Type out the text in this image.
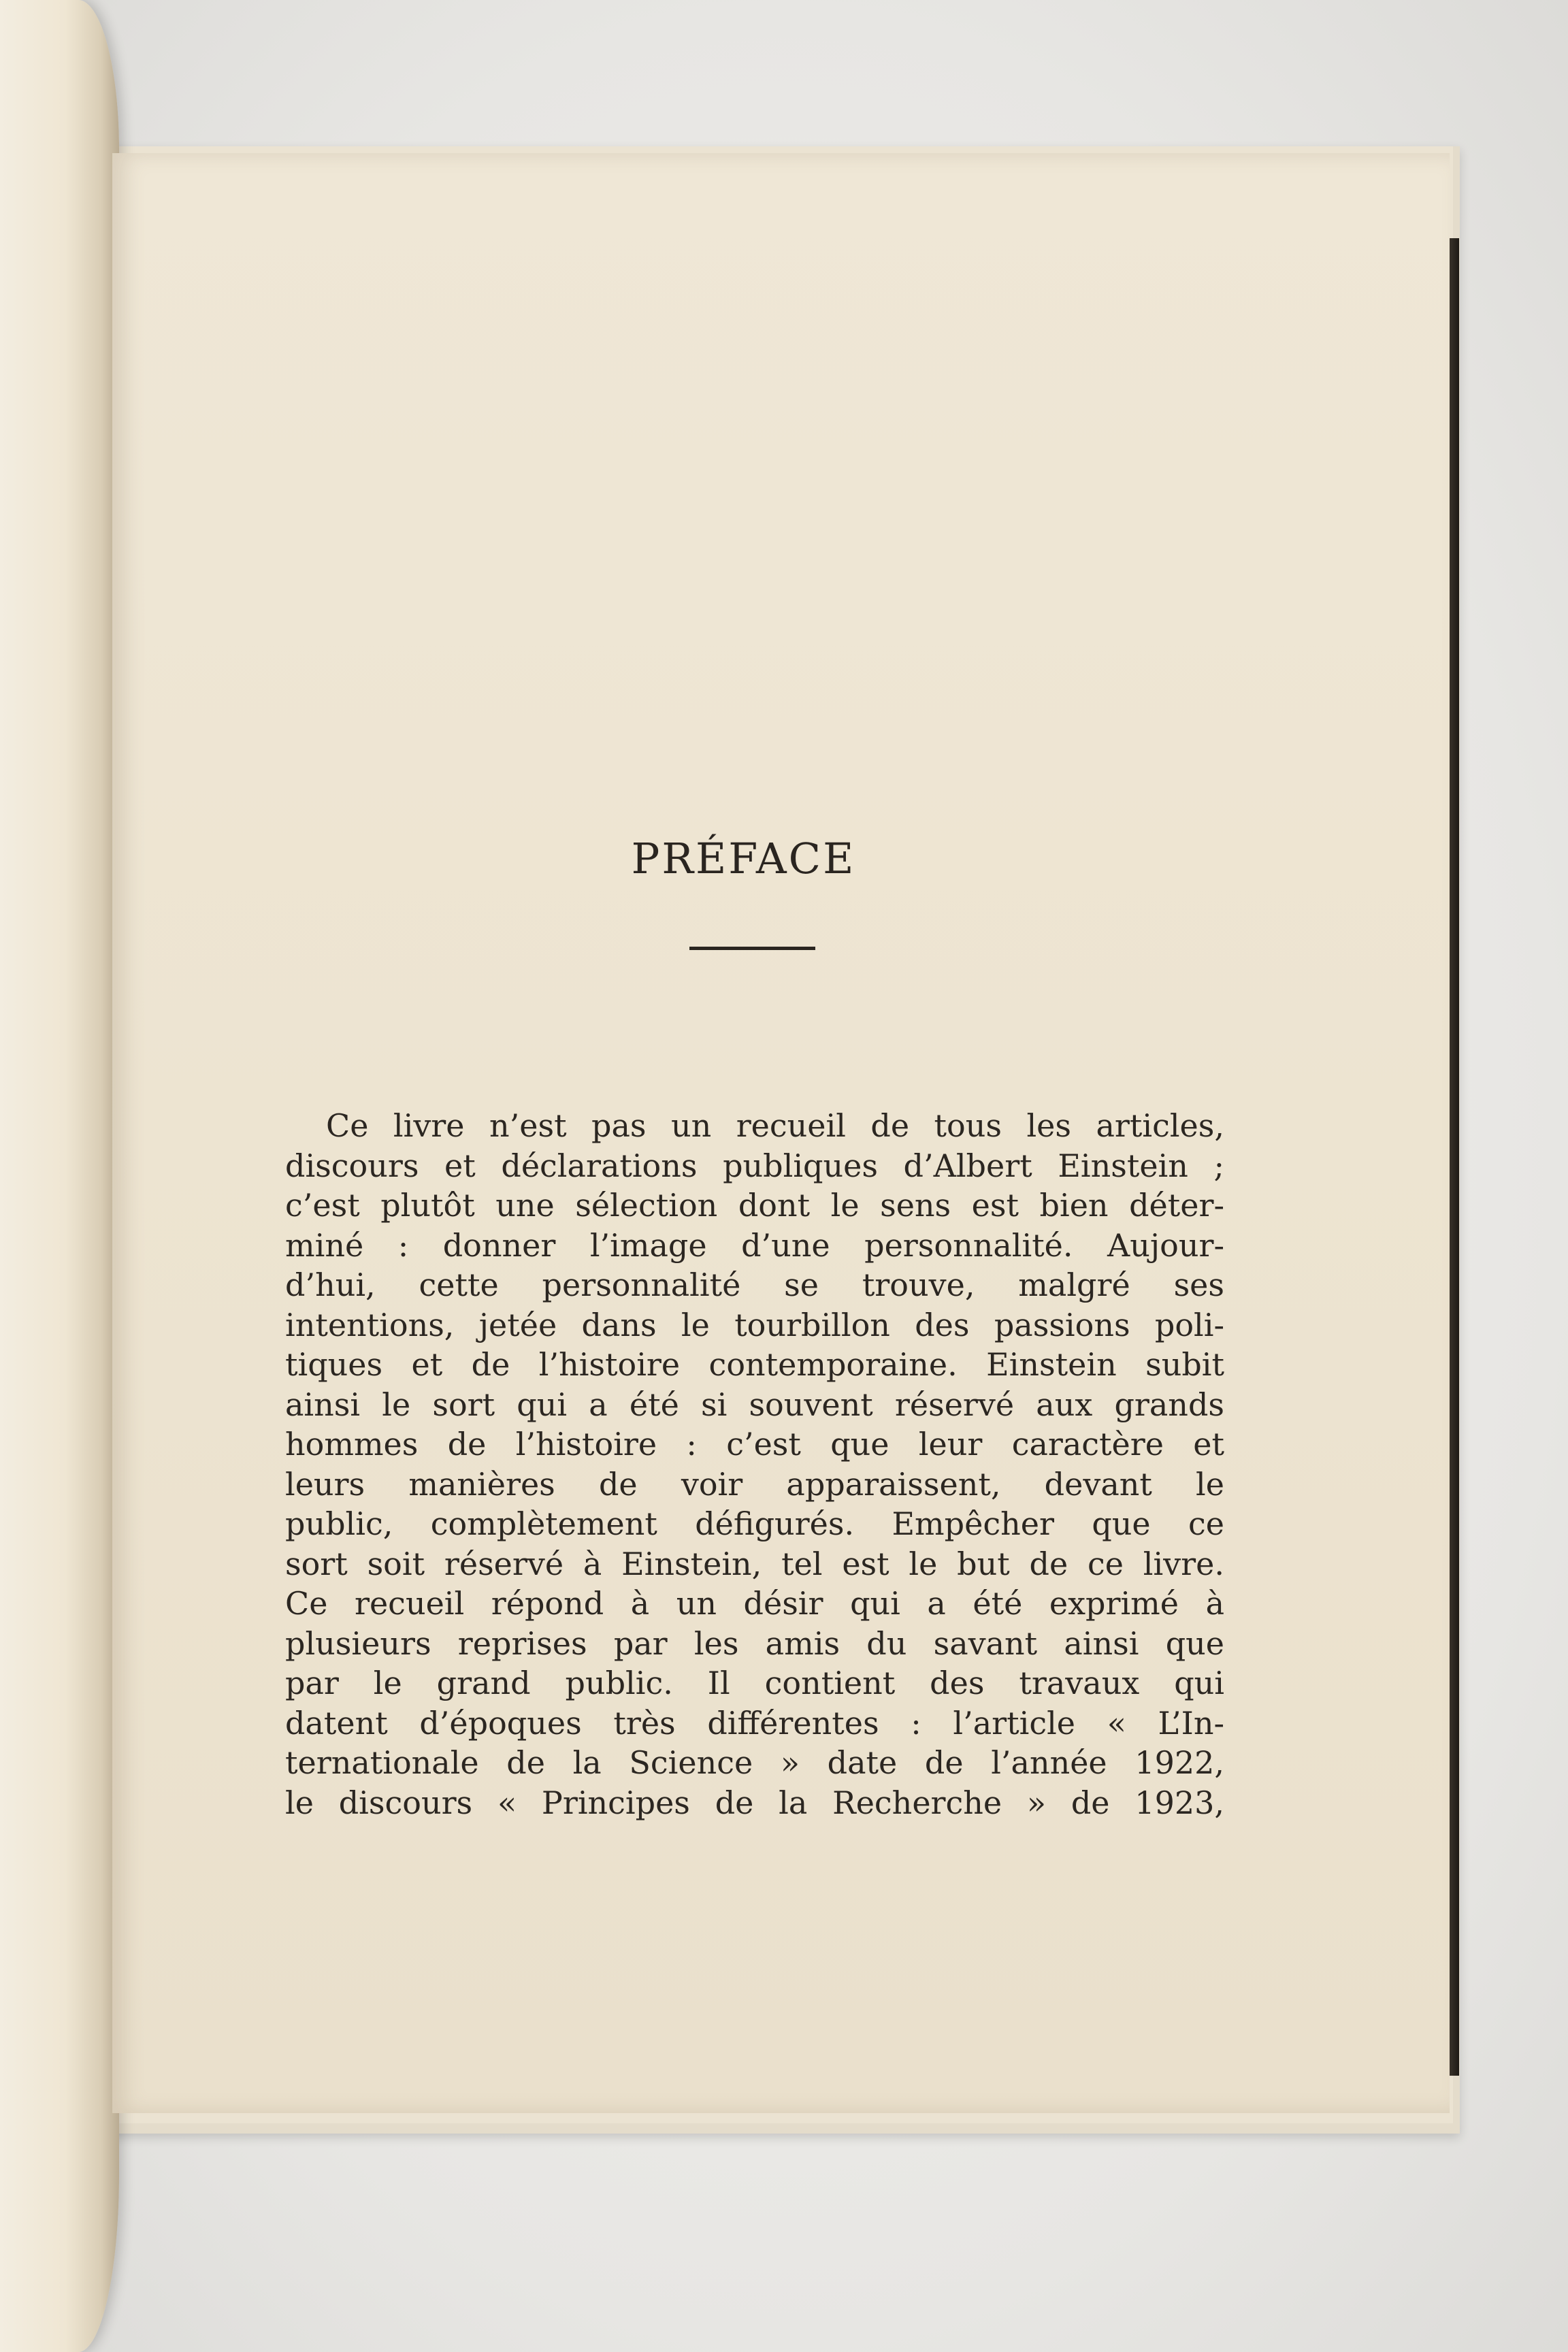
PRÉFACE

Ce livre n’est pas un recueil de tous les articles,
discours et déclarations publiques d’Albert Einstein ;
c’est plutôt une sélection dont le sens est bien déter-
miné : donner l’image d’une personnalité. Aujour-
d’hui, cette personnalité se trouve, malgré ses
intentions, jetée dans le tourbillon des passions poli-
tiques et de l’histoire contemporaine. Einstein subit
ainsi le sort qui a été si souvent réservé aux grands
hommes de l’histoire : c’est que leur caractère et
leurs manières de voir apparaissent, devant le
public, complètement défigurés. Empêcher que ce
sort soit réservé à Einstein, tel est le but de ce livre.
Ce recueil répond à un désir qui a été exprimé à
plusieurs reprises par les amis du savant ainsi que
par le grand public. Il contient des travaux qui
datent d’époques très différentes : l’article « L’In-
ternationale de la Science » date de l’année 1922,
le discours « Principes de la Recherche » de 1923,
